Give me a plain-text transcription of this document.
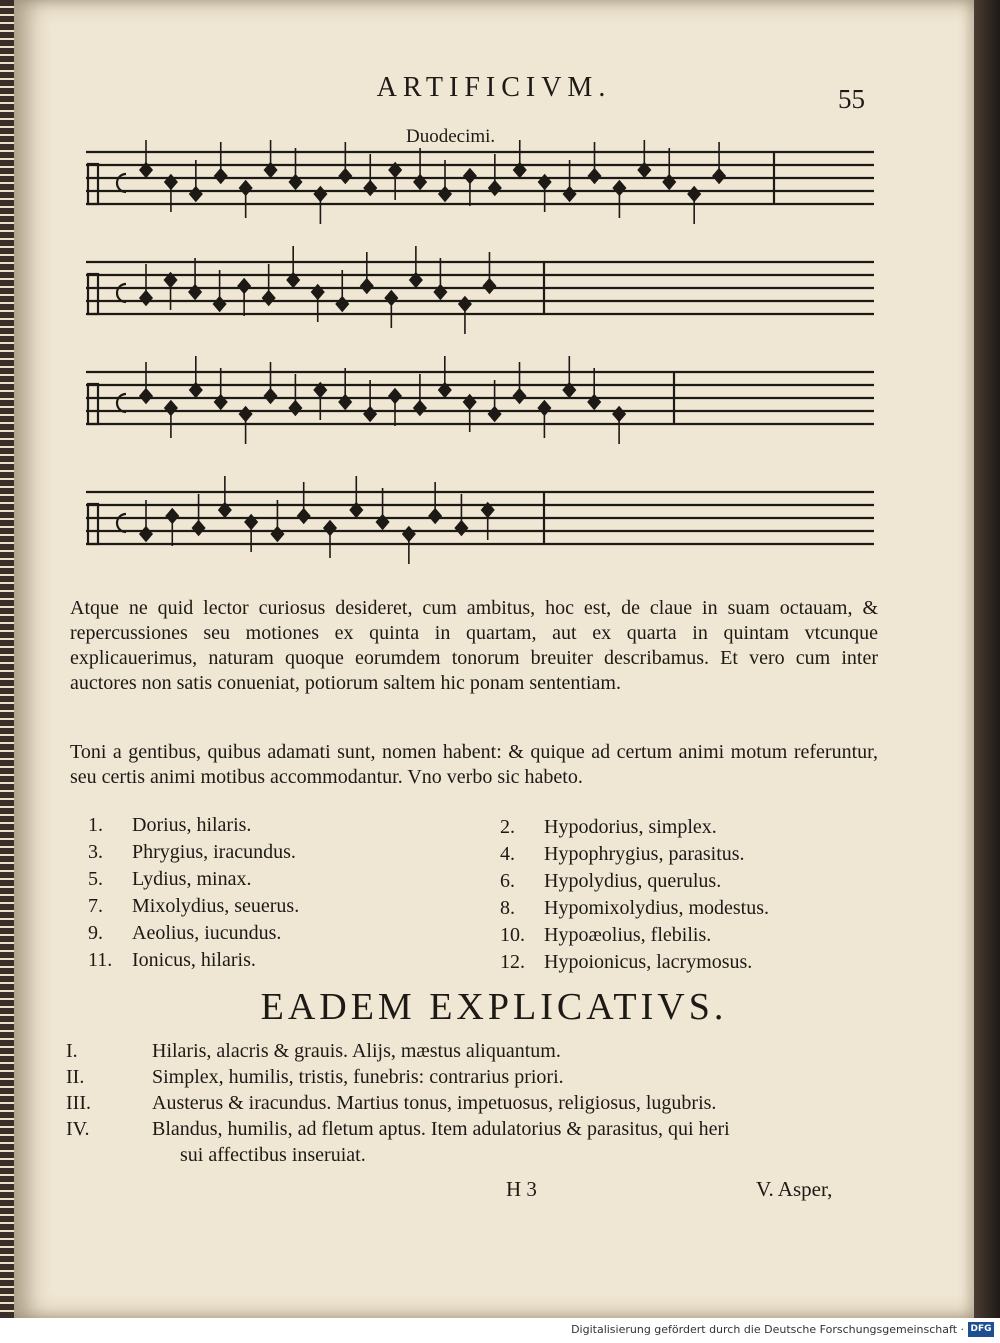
ARTIFICIVM.	55
Duodecimi.
Atque ne quid lector curiosus desideret, cum ambitus, hoc est, de claue in suam octauam, & repercussiones seu motiones ex quinta in quartam, aut ex quarta in quintam vtcunque explicauerimus, naturam quoque eorumdem tonorum breuiter describamus. Et vero cum inter auctores non satis conueniat, potiorum saltem hic ponam sententiam.
Toni a gentibus, quibus adamati sunt, nomen habent: & quique ad certum animi motum referuntur, seu certis animi motibus accommodantur. Vno verbo sic habeto.
1. Dorius, hilaris.	2. Hypodorius, simplex.
3. Phrygius, iracundus.	4. Hypophrygius, parasitus.
5. Lydius, minax.	6. Hypolydius, querulus.
7. Mixolydius, seuerus.	8. Hypomixolydius, modestus.
9. Aeolius, iucundus.	10. Hypoæolius, flebilis.
11. Ionicus, hilaris.	12. Hypoionicus, lacrymosus.
EADEM EXPLICATIVS.
I.	Hilaris, alacris & grauis. Alijs, mæstus aliquantum.
II.	Simplex, humilis, tristis, funebris: contrarius priori.
III.	Austerus & iracundus. Martius tonus, impetuosus, religiosus, lugubris.
IV.	Blandus, humilis, ad fletum aptus. Item adulatorius & parasitus, qui heri
sui affectibus inseruiat.
H 3	V. Asper,
Digitalisierung gefördert durch die Deutsche Forschungsgemeinschaft · DFG
